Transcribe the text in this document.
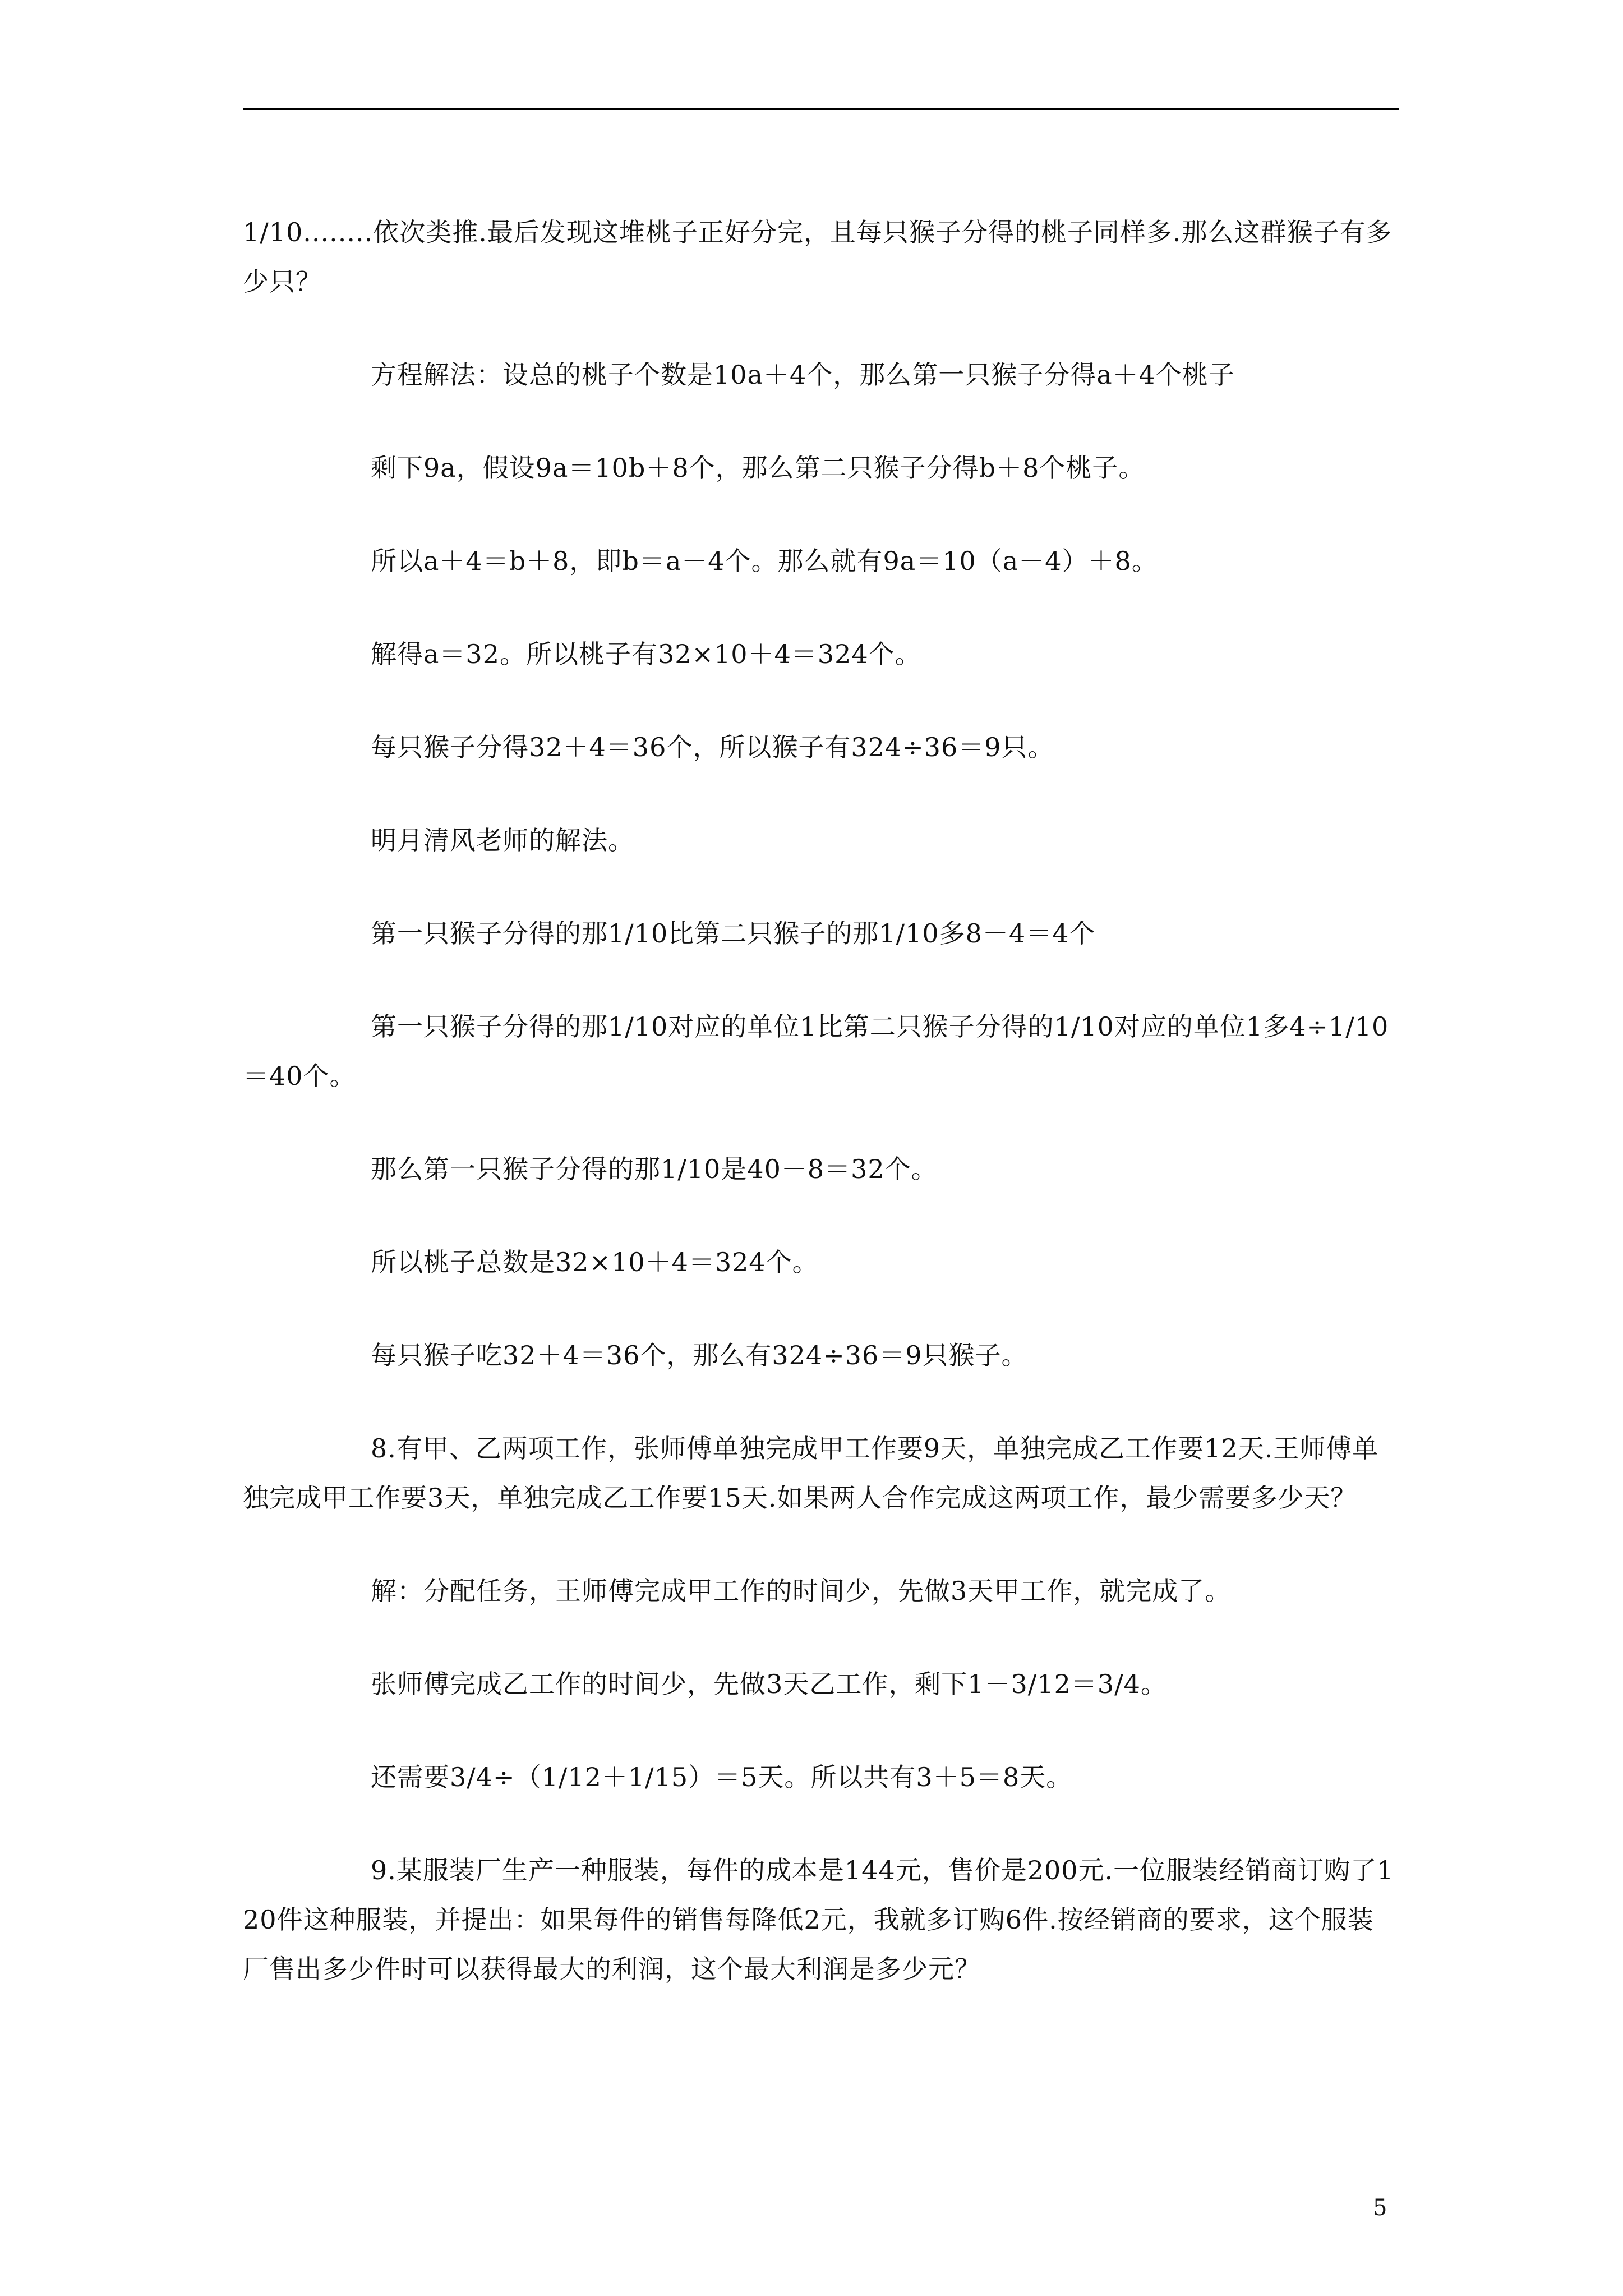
1/10........依次类推.最后发现这堆桃子正好分完，且每只猴子分得的桃子同样多.那么这群猴子有多少只？

方程解法：设总的桃子个数是10a＋4个，那么第一只猴子分得a＋4个桃子

剩下9a，假设9a＝10b＋8个，那么第二只猴子分得b＋8个桃子。

所以a＋4＝b＋8，即b＝a－4个。那么就有9a＝10（a－4）＋8。

解得a＝32。所以桃子有32×10＋4＝324个。

每只猴子分得32＋4＝36个，所以猴子有324÷36＝9只。

明月清风老师的解法。

第一只猴子分得的那1/10比第二只猴子的那1/10多8－4＝4个

第一只猴子分得的那1/10对应的单位1比第二只猴子分得的1/10对应的单位1多4÷1/10＝40个。

那么第一只猴子分得的那1/10是40－8＝32个。

所以桃子总数是32×10＋4＝324个。

每只猴子吃32＋4＝36个，那么有324÷36＝9只猴子。

8.有甲、乙两项工作，张师傅单独完成甲工作要9天，单独完成乙工作要12天.王师傅单独完成甲工作要3天，单独完成乙工作要15天.如果两人合作完成这两项工作，最少需要多少天？

解：分配任务，王师傅完成甲工作的时间少，先做3天甲工作，就完成了。

张师傅完成乙工作的时间少，先做3天乙工作，剩下1－3/12＝3/4。

还需要3/4÷（1/12＋1/15）＝5天。所以共有3＋5＝8天。

9.某服装厂生产一种服装，每件的成本是144元，售价是200元.一位服装经销商订购了120件这种服装，并提出：如果每件的销售每降低2元，我就多订购6件.按经销商的要求，这个服装厂售出多少件时可以获得最大的利润，这个最大利润是多少元？

5
